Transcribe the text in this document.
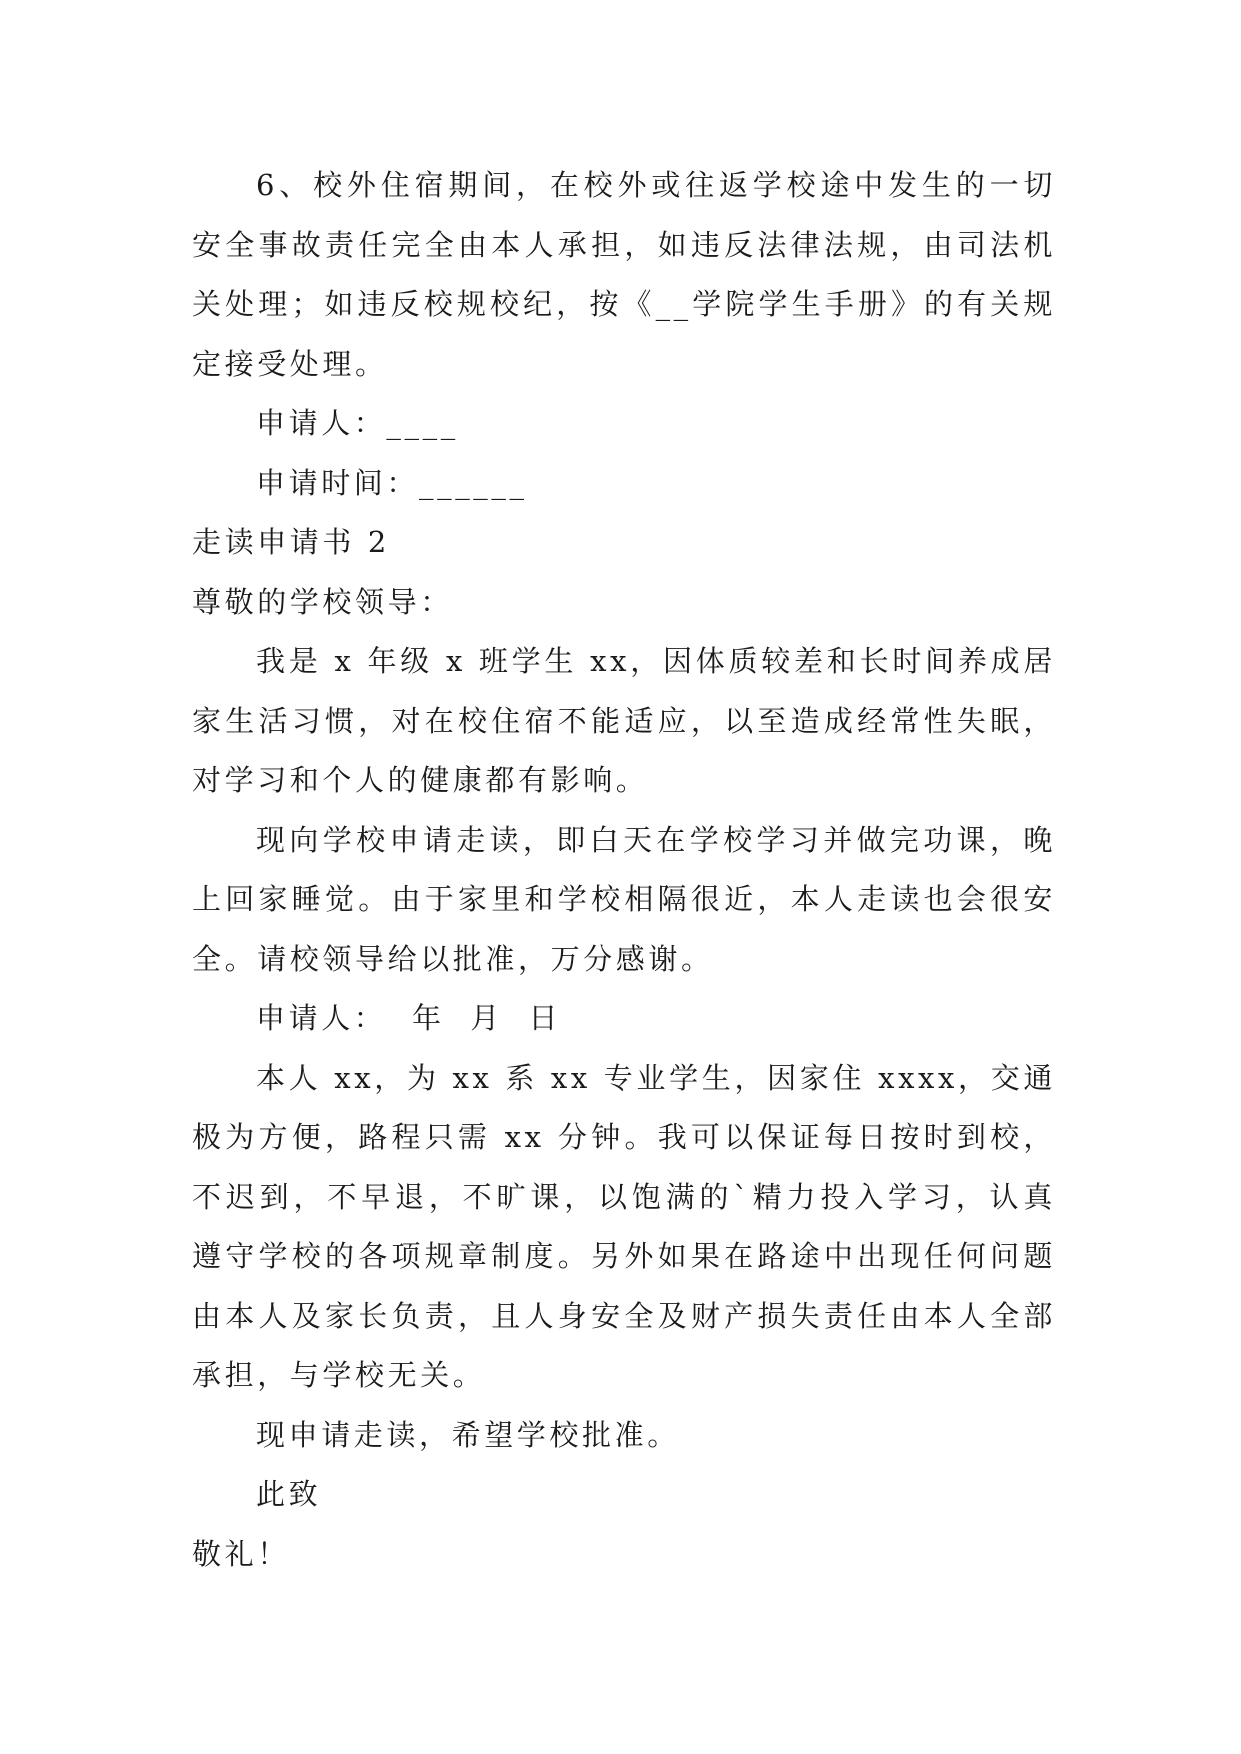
6、校外住宿期间，在校外或往返学校途中发生的一切安全事故责任完全由本人承担，如违反法律法规，由司法机关处理；如违反校规校纪，按《__学院学生手册》的有关规定接受处理。

申请人：____

申请时间：______

走读申请书 2

尊敬的学校领导：

我是 x 年级 x 班学生 xx，因体质较差和长时间养成居家生活习惯，对在校住宿不能适应，以至造成经常性失眠，对学习和个人的健康都有影响。

现向学校申请走读，即白天在学校学习并做完功课，晚上回家睡觉。由于家里和学校相隔很近，本人走读也会很安全。请校领导给以批准，万分感谢。

申请人：  年  月  日

本人 xx，为 xx 系 xx 专业学生，因家住 xxxx，交通极为方便，路程只需 xx 分钟。我可以保证每日按时到校，不迟到，不早退，不旷课，以饱满的`精力投入学习，认真遵守学校的各项规章制度。另外如果在路途中出现任何问题由本人及家长负责，且人身安全及财产损失责任由本人全部承担，与学校无关。

现申请走读，希望学校批准。

此致

敬礼！
